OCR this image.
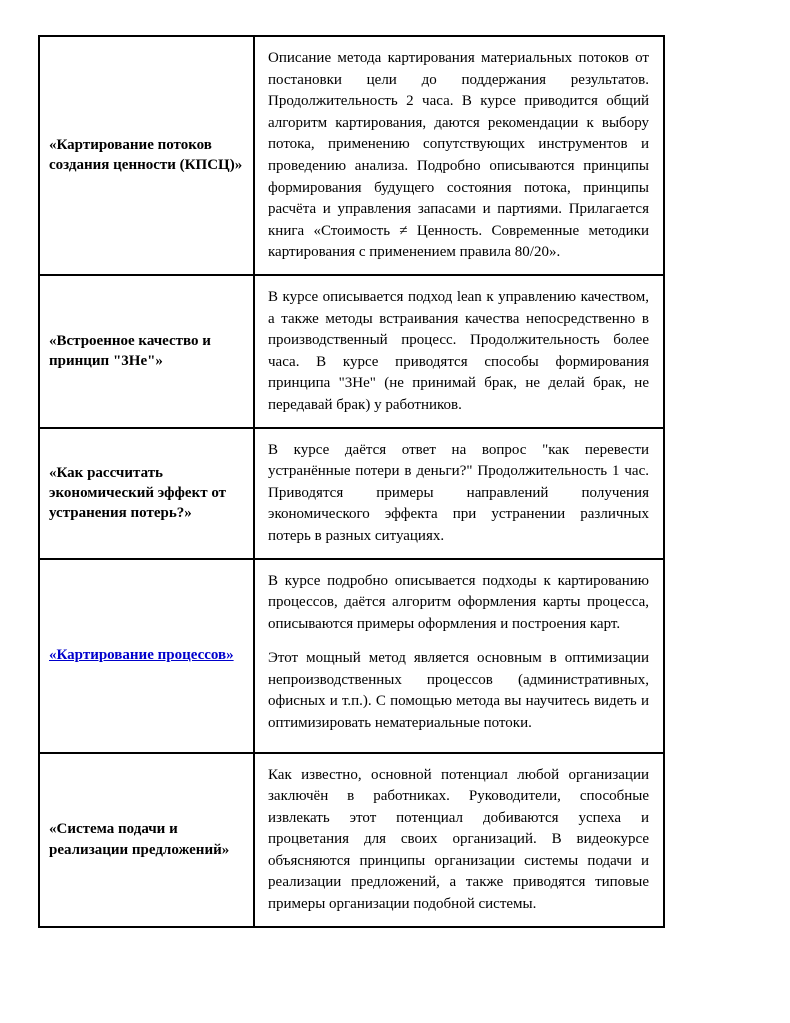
«Картирование потоков создания ценности (КПСЦ)»	Описание метода картирования материальных потоков от постановки цели до поддержания результатов. Продолжительность 2 часа. В курсе приводится общий алгоритм картирования, даются рекомендации к выбору потока, применению сопутствующих инструментов и проведению анализа. Подробно описываются принципы формирования будущего состояния потока, принципы расчёта и управления запасами и партиями. Прилагается книга «Стоимость ≠ Ценность. Современные методики картирования с применением правила 80/20».

«Встроенное качество и принцип "3Не"»	В курсе описывается подход lean к управлению качеством, а также методы встраивания качества непосредственно в производственный процесс. Продолжительность более часа. В курсе приводятся способы формирования принципа "3Не" (не принимай брак, не делай брак, не передавай брак) у работников.

«Как рассчитать экономический эффект от устранения потерь?»	В курсе даётся ответ на вопрос "как перевести устранённые потери в деньги?" Продолжительность 1 час. Приводятся примеры направлений получения экономического эффекта при устранении различных потерь в разных ситуациях.

«Картирование процессов»	В курсе подробно описывается подходы к картированию процессов, даётся алгоритм оформления карты процесса, описываются примеры оформления и построения карт.

Этот мощный метод является основным в оптимизации непроизводственных процессов (административных, офисных и т.п.). С помощью метода вы научитесь видеть и оптимизировать нематериальные потоки.

«Система подачи и реализации предложений»	Как известно, основной потенциал любой организации заключён в работниках. Руководители, способные извлекать этот потенциал добиваются успеха и процветания для своих организаций. В видеокурсе объясняются принципы организации системы подачи и реализации предложений, а также приводятся типовые примеры организации подобной системы.
